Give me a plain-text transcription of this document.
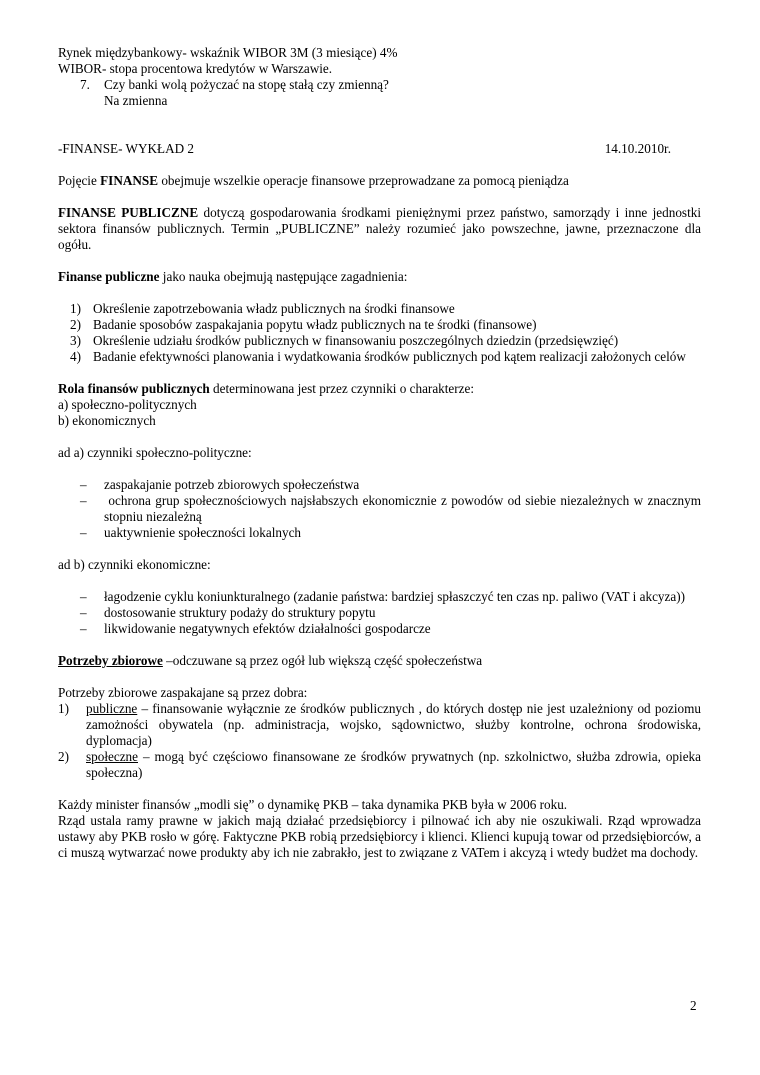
Rynek międzybankowy- wskaźnik WIBOR 3M (3 miesiące) 4%

WIBOR- stopa procentowa kredytów w Warszawie.

7. Czy banki wolą pożyczać na stopę stałą czy zmienną?

Na zmienna

-FINANSE- WYKŁAD 2	14.10.2010r.

Pojęcie FINANSE obejmuje wszelkie operacje finansowe przeprowadzane za pomocą pieniądza

FINANSE PUBLICZNE dotyczą gospodarowania środkami pieniężnymi przez państwo, samorządy i inne jednostki sektora finansów publicznych. Termin „PUBLICZNE” należy rozumieć jako powszechne, jawne, przeznaczone dla ogółu.

Finanse publiczne jako nauka obejmują następujące zagadnienia:

1) Określenie zapotrzebowania władz publicznych na środki finansowe

2) Badanie sposobów zaspakajania popytu władz publicznych na te środki (finansowe)

3) Określenie udziału środków publicznych w finansowaniu poszczególnych dziedzin (przedsięwzięć)

4) Badanie efektywności planowania i wydatkowania środków publicznych pod kątem realizacji założonych celów

Rola finansów publicznych determinowana jest przez czynniki o charakterze:

a) społeczno-politycznych

b) ekonomicznych

ad a) czynniki społeczno-polityczne:

– zaspakajanie potrzeb zbiorowych społeczeństwa

– ochrona grup społecznościowych najsłabszych ekonomicznie z powodów od siebie niezależnych w znacznym stopniu niezależną

– uaktywnienie społeczności lokalnych

ad b) czynniki ekonomiczne:

– łagodzenie cyklu koniunkturalnego (zadanie państwa: bardziej spłaszczyć ten czas np. paliwo (VAT i akcyza))

– dostosowanie struktury podaży do struktury popytu

– likwidowanie negatywnych efektów działalności gospodarcze

Potrzeby zbiorowe –odczuwane są przez ogół lub większą część społeczeństwa

Potrzeby zbiorowe zaspakajane są przez dobra:

1) publiczne – finansowanie wyłącznie ze środków publicznych , do których dostęp nie jest uzależniony od poziomu zamożności obywatela (np. administracja, wojsko, sądownictwo, służby kontrolne, ochrona środowiska, dyplomacja)

2) społeczne – mogą być częściowo finansowane ze środków prywatnych (np. szkolnictwo, służba zdrowia, opieka społeczna)

Każdy minister finansów „modli się” o dynamikę PKB – taka dynamika PKB była w 2006 roku.

Rząd ustala ramy prawne w jakich mają działać przedsiębiorcy i pilnować ich aby nie oszukiwali. Rząd wprowadza ustawy aby PKB rosło w górę. Faktyczne PKB robią przedsiębiorcy i klienci. Klienci kupują towar od przedsiębiorców, a ci muszą wytwarzać nowe produkty aby ich nie zabrakło, jest to związane z VATem i akcyzą i wtedy budżet ma dochody.

2
